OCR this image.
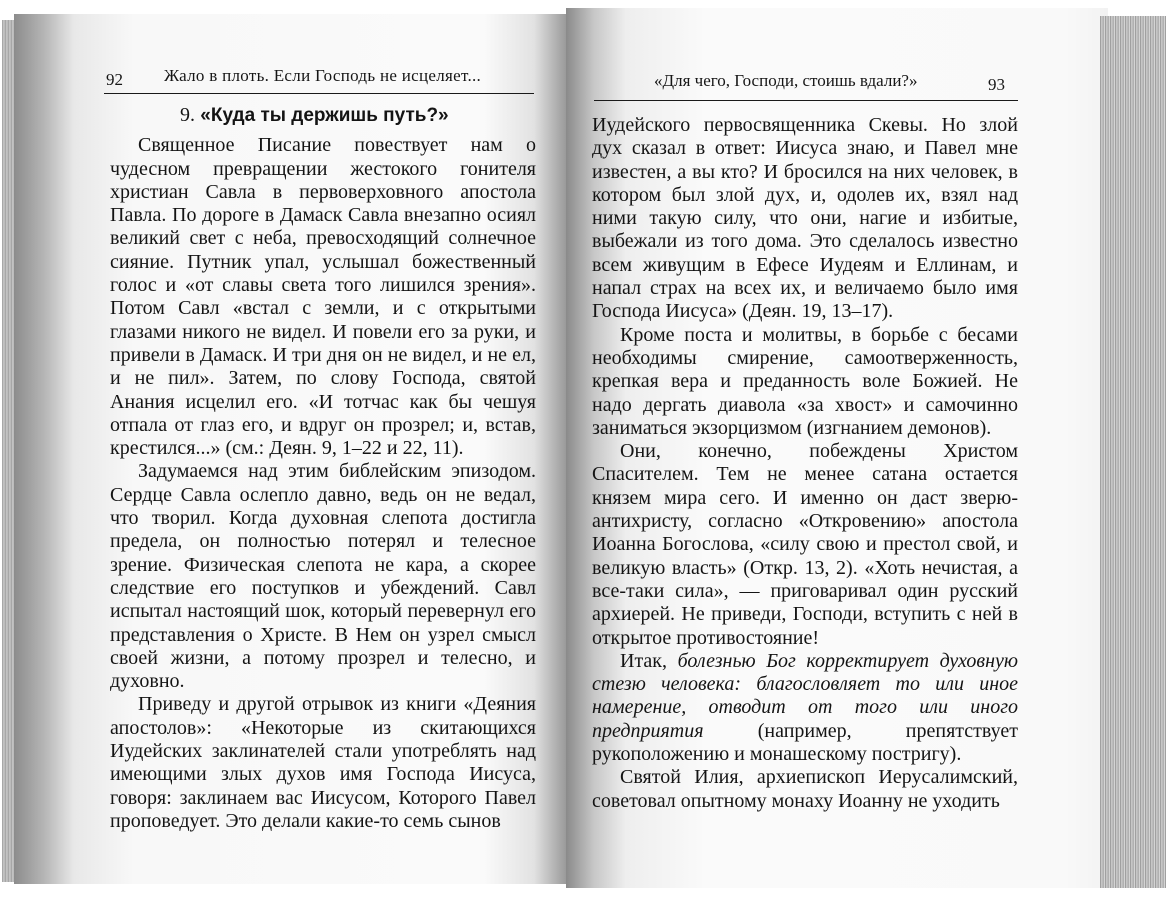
92 Жало в плоть. Если Господь не исцеляет...

9. «Куда ты держишь путь?»

Священное Писание повествует нам о чудесном превращении жестокого гонителя христиан Савла в первоверховного апостола Павла. По дороге в Дамаск Савла внезапно осиял великий свет с неба, превосходящий солнечное сияние. Путник упал, услышал божественный голос и «от славы света того лишился зрения». Потом Савл «встал с земли, и с открытыми глазами никого не видел. И повели его за руки, и привели в Дамаск. И три дня он не видел, и не ел, и не пил». Затем, по слову Господа, святой Анания исцелил его. «И тотчас как бы чешуя отпала от глаз его, и вдруг он прозрел; и, встав, крестился...» (см.: Деян. 9, 1–22 и 22, 11).

Задумаемся над этим библейским эпизодом. Сердце Савла ослепло давно, ведь он не ведал, что творил. Когда духовная слепота достигла предела, он полностью потерял и телесное зрение. Физическая слепота не кара, а скорее следствие его поступков и убеждений. Савл испытал настоящий шок, который перевернул его представления о Христе. В Нем он узрел смысл своей жизни, а потому прозрел и телесно, и духовно.

Приведу и другой отрывок из книги «Деяния апостолов»: «Некоторые из скитающихся Иудейских заклинателей стали употреблять над имеющими злых духов имя Господа Иисуса, говоря: заклинаем вас Иисусом, Которого Павел проповедует. Это делали какие-то семь сынов

«Для чего, Господи, стоишь вдали?»	93

Иудейского первосвященника Скевы. Но злой дух сказал в ответ: Иисуса знаю, и Павел мне известен, а вы кто? И бросился на них человек, в котором был злой дух, и, одолев их, взял над ними такую силу, что они, нагие и избитые, выбежали из того дома. Это сделалось известно всем живущим в Ефесе Иудеям и Еллинам, и напал страх на всех их, и величаемо было имя Господа Иисуса» (Деян. 19, 13–17).

Кроме поста и молитвы, в борьбе с бесами необходимы смирение, самоотверженность, крепкая вера и преданность воле Божией. Не надо дергать диавола «за хвост» и самочинно заниматься экзорцизмом (изгнанием демонов).

Они, конечно, побеждены Христом Спасителем. Тем не менее сатана остается князем мира сего. И именно он даст зверю-антихристу, согласно «Откровению» апостола Иоанна Богослова, «силу свою и престол свой, и великую власть» (Откр. 13, 2). «Хоть нечистая, а все-таки сила», — приговаривал один русский архиерей. Не приведи, Господи, вступить с ней в открытое противостояние!

Итак, болезнью Бог корректирует духовную стезю человека: благословляет то или иное намерение, отводит от того или иного предприятия	(например, препятствует рукоположению и монашескому постригу).

Святой Илия, архиепископ Иерусалимский, советовал опытному монаху Иоанну не уходить
